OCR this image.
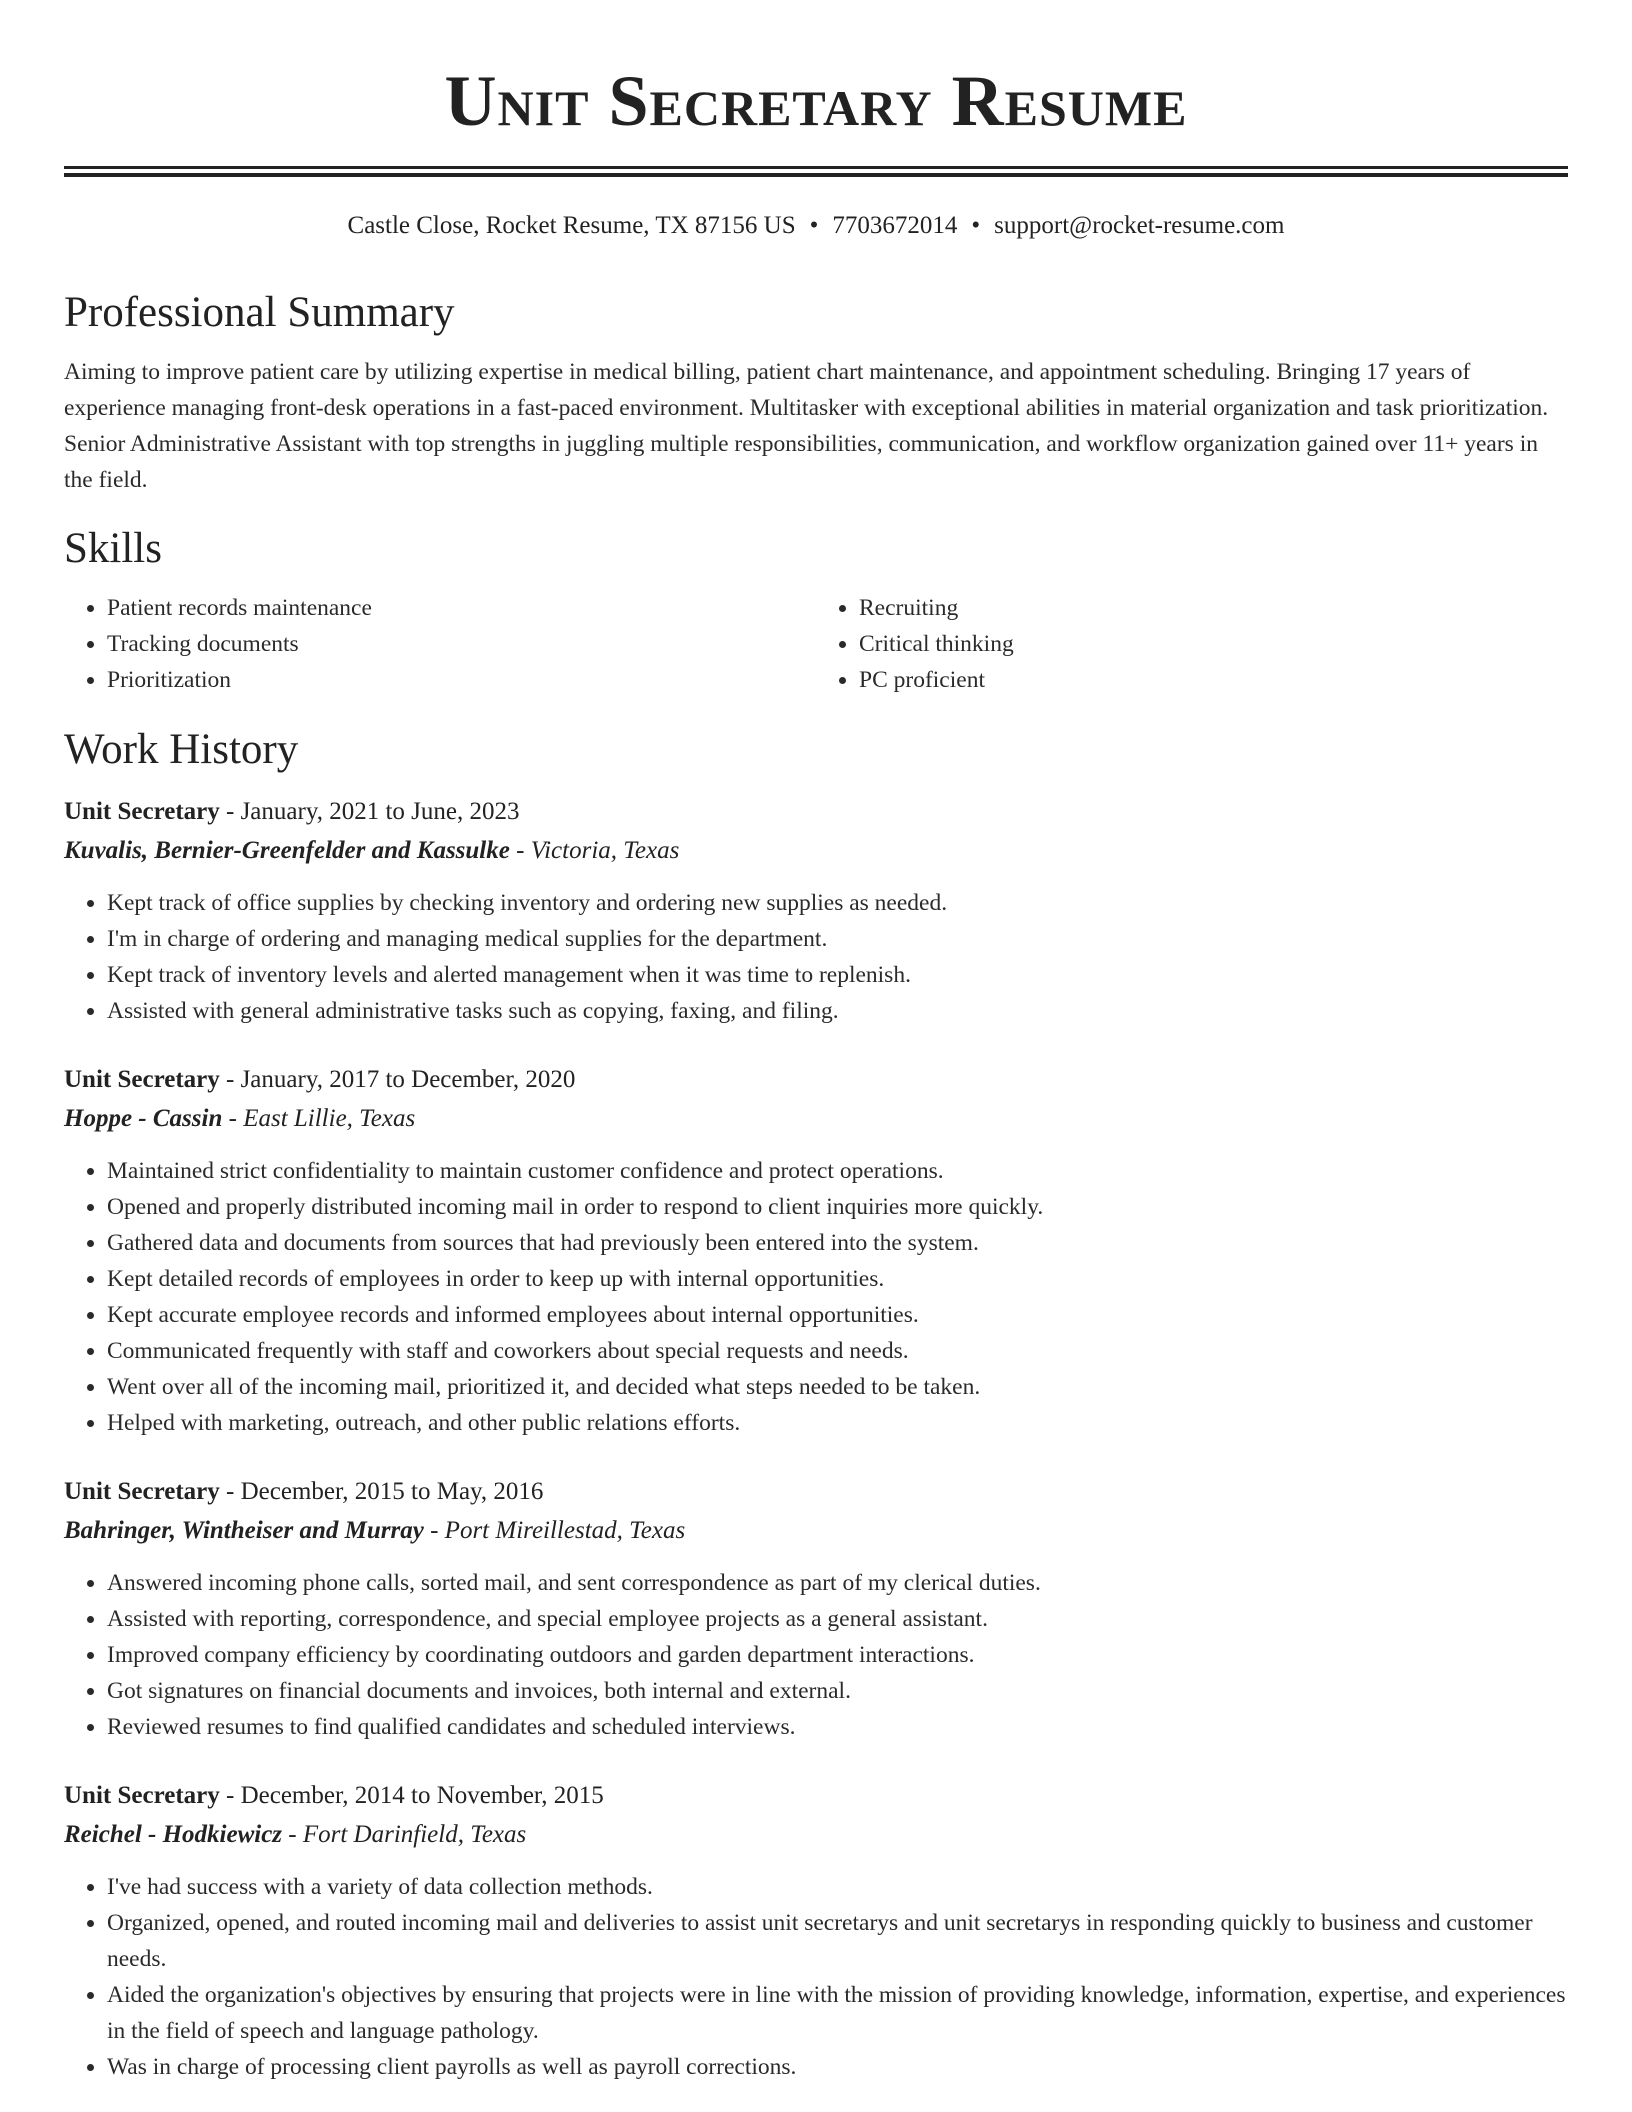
Unit Secretary Resume
Castle Close, Rocket Resume, TX 87156 US • 7703672014 • support@rocket-resume.com
Professional Summary

Aiming to improve patient care by utilizing expertise in medical billing, patient chart maintenance, and appointment scheduling. Bringing 17 years of experience managing front-desk operations in a fast-paced environment. Multitasker with exceptional abilities in material organization and task prioritization. Senior Administrative Assistant with top strengths in juggling multiple responsibilities, communication, and workflow organization gained over 11+ years in the field.

Skills
• Patient records maintenance
• Tracking documents
• Prioritization
• Recruiting
• Critical thinking
• PC proficient
Work History
Unit Secretary - January, 2021 to June, 2023
Kuvalis, Bernier-Greenfelder and Kassulke - Victoria, Texas
• Kept track of office supplies by checking inventory and ordering new supplies as needed.
• I'm in charge of ordering and managing medical supplies for the department.
• Kept track of inventory levels and alerted management when it was time to replenish.
• Assisted with general administrative tasks such as copying, faxing, and filing.
Unit Secretary - January, 2017 to December, 2020
Hoppe - Cassin - East Lillie, Texas
• Maintained strict confidentiality to maintain customer confidence and protect operations.
• Opened and properly distributed incoming mail in order to respond to client inquiries more quickly.
• Gathered data and documents from sources that had previously been entered into the system.
• Kept detailed records of employees in order to keep up with internal opportunities.
• Kept accurate employee records and informed employees about internal opportunities.
• Communicated frequently with staff and coworkers about special requests and needs.
• Went over all of the incoming mail, prioritized it, and decided what steps needed to be taken.
• Helped with marketing, outreach, and other public relations efforts.
Unit Secretary - December, 2015 to May, 2016
Bahringer, Wintheiser and Murray - Port Mireillestad, Texas
• Answered incoming phone calls, sorted mail, and sent correspondence as part of my clerical duties.
• Assisted with reporting, correspondence, and special employee projects as a general assistant.
• Improved company efficiency by coordinating outdoors and garden department interactions.
• Got signatures on financial documents and invoices, both internal and external.
• Reviewed resumes to find qualified candidates and scheduled interviews.
Unit Secretary - December, 2014 to November, 2015
Reichel - Hodkiewicz - Fort Darinfield, Texas
• I've had success with a variety of data collection methods.
• Organized, opened, and routed incoming mail and deliveries to assist unit secretarys and unit secretarys in responding quickly to business and customer needs.
• Aided the organization's objectives by ensuring that projects were in line with the mission of providing knowledge, information, expertise, and experiences in the field of speech and language pathology.
• Was in charge of processing client payrolls as well as payroll corrections.
